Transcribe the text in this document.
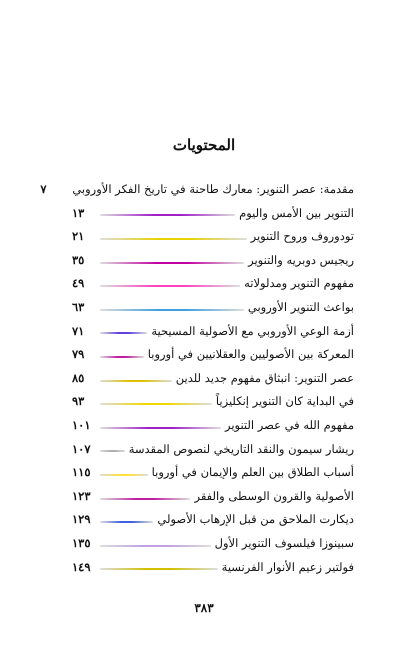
المحتويات
مقدمة: عصر التنوير: معارك طاحنة في تاريخ الفكر الأوروبي
٧
التنوير بين الأمس واليوم
١٣
تودوروف وروح التنوير
٢١
ريجيس دوبريه والتنوير
٣٥
مفهوم التنوير ومدلولاته
٤٩
بواعث التنوير الأوروبي
٦٣
أزمة الوعي الأوروبي مع الأصولية المسيحية
٧١
المعركة بين الأصوليين والعقلانيين في أوروبا
٧٩
عصر التنوير: انبثاق مفهوم جديد للدين
٨٥
في البداية كان التنوير إنكليزياً
٩٣
مفهوم الله في عصر التنوير
١٠١
ريشار سيمون والنقد التاريخي لنصوص المقدسة
١٠٧
أسباب الطلاق بين العلم والإيمان في أوروبا
١١٥
الأصولية والقرون الوسطى والفقر
١٢٣
ديكارت الملاحق من قبل الإرهاب الأصولي
١٢٩
سبينوزا فيلسوف التنوير الأول
١٣٥
فولتير زعيم الأنوار الفرنسية
١٤٩
٣٨٣
